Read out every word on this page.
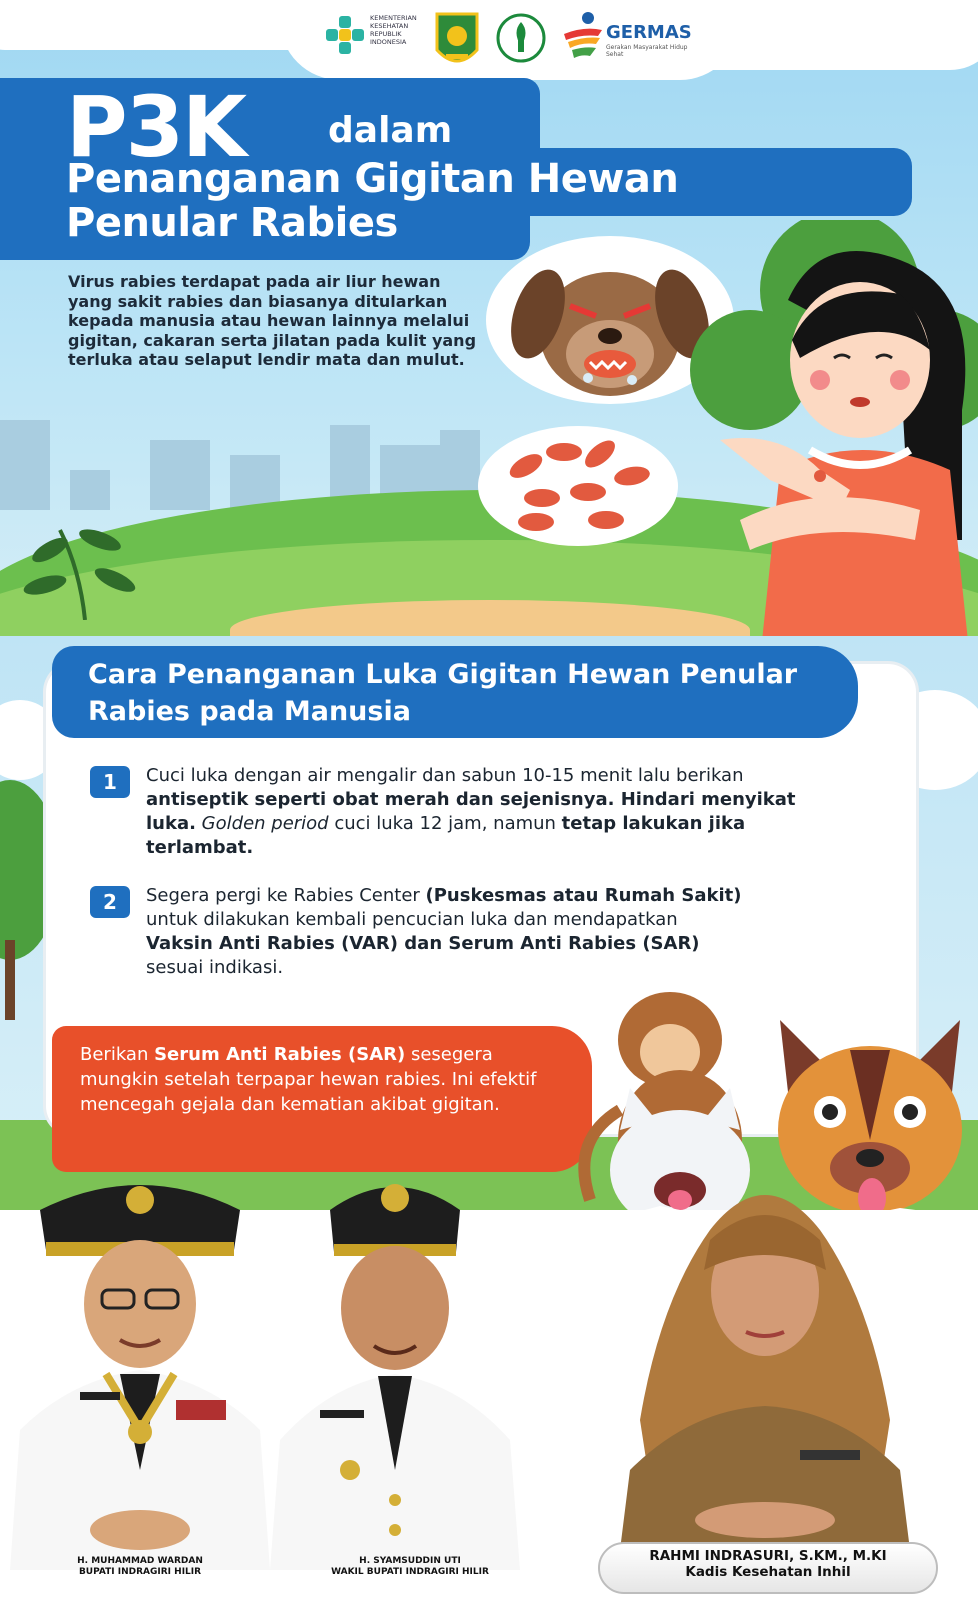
KEMENTERIAN
KESEHATAN
REPUBLIK
INDONESIA	GERMAS
Gerakan Masyarakat Hidup Sehat
P3K dalam
Penanganan Gigitan Hewan
Penular Rabies
Virus rabies terdapat pada air liur hewan yang sakit rabies dan biasanya ditularkan kepada manusia atau hewan lainnya melalui gigitan, cakaran serta jilatan pada kulit yang terluka atau selaput lendir mata dan mulut.
Cara Penanganan Luka Gigitan Hewan Penular Rabies pada Manusia
1	Cuci luka dengan air mengalir dan sabun 10-15 menit lalu berikan antiseptik seperti obat merah dan sejenisnya. Hindari menyikat luka. Golden period cuci luka 12 jam, namun tetap lakukan jika terlambat.
2	Segera pergi ke Rabies Center (Puskesmas atau Rumah Sakit) untuk dilakukan kembali pencucian luka dan mendapatkan Vaksin Anti Rabies (VAR) dan Serum Anti Rabies (SAR) sesuai indikasi.
Berikan Serum Anti Rabies (SAR) sesegera mungkin setelah terpapar hewan rabies. Ini efektif mencegah gejala dan kematian akibat gigitan.
H. MUHAMMAD WARDAN
BUPATI INDRAGIRI HILIR
H. SYAMSUDDIN UTI
WAKIL BUPATI INDRAGIRI HILIR
RAHMI INDRASURI, S.KM., M.KI
Kadis Kesehatan Inhil
